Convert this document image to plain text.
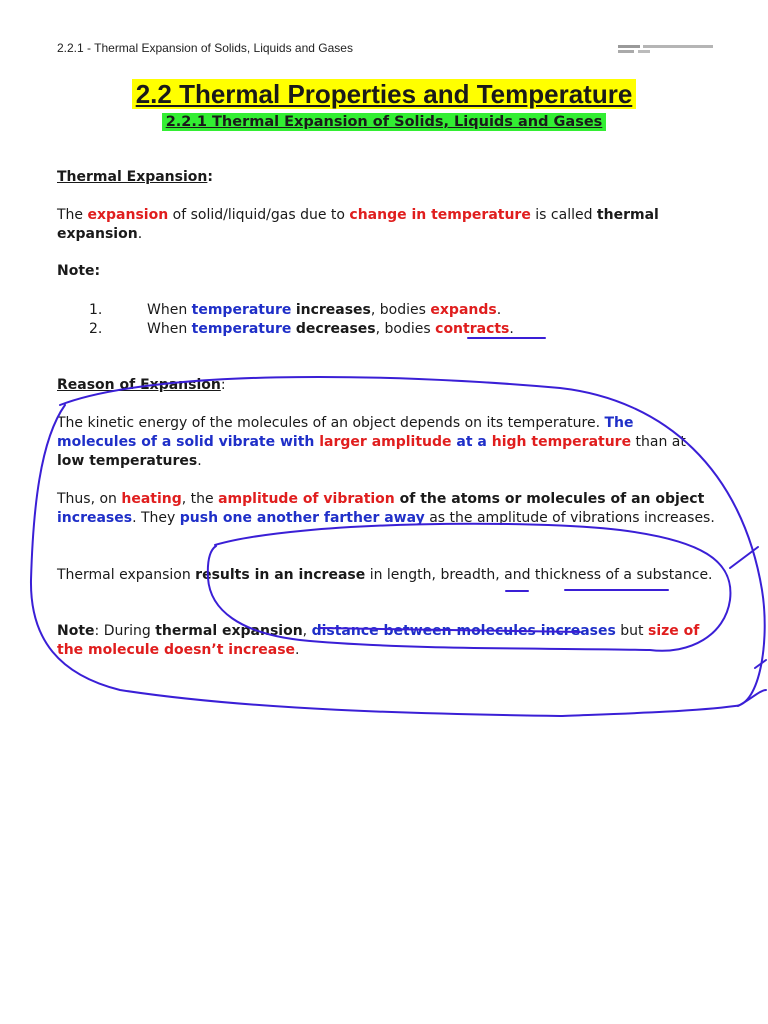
2.2.1 - Thermal Expansion of Solids, Liquids and Gases
2.2 Thermal Properties and Temperature
2.2.1 Thermal Expansion of Solids, Liquids and Gases
Thermal Expansion:
The expansion of solid/liquid/gas due to change in temperature is called thermal expansion.
Note:
1.	When temperature increases, bodies expands.
2.	When temperature decreases, bodies contracts.
Reason of Expansion:
The kinetic energy of the molecules of an object depends on its temperature. The molecules of a solid vibrate with larger amplitude at a high temperature than at low temperatures.
Thus, on heating, the amplitude of vibration of the atoms or molecules of an object increases. They push one another farther away as the amplitude of vibrations increases.
Thermal expansion results in an increase in length, breadth, and thickness of a substance.
Note: During thermal expansion, distance between molecules increases but size of the molecule doesn’t increase.
